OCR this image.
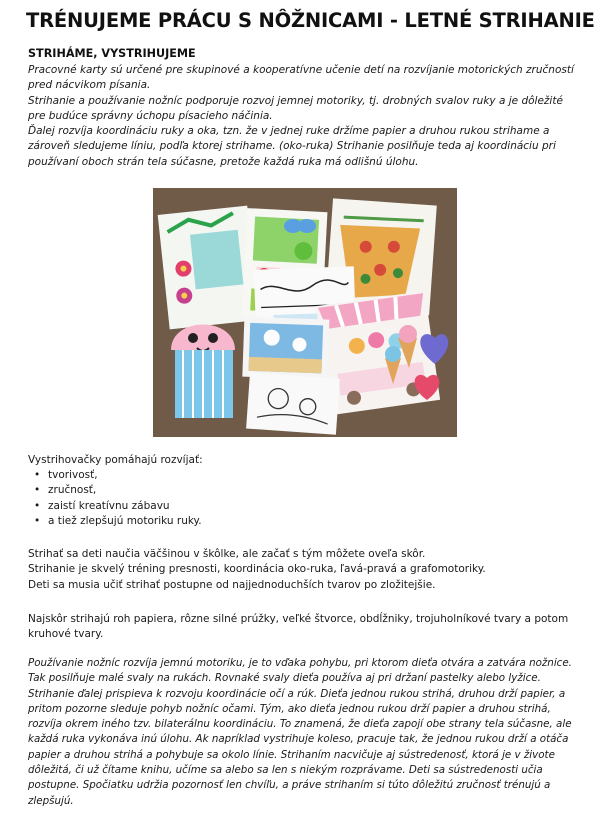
TRÉNUJEME PRÁCU S NÔŽNICAMI - LETNÉ STRIHANIE
STRIHÁME, VYSTRIHUJEME

Pracovné karty sú určené pre skupinové a kooperatívne učenie detí na rozvíjanie motorických zručností pred nácvikom písania.

Strihanie a používanie nožníc podporuje rozvoj jemnej motoriky, tj. drobných svalov ruky a je dôležité pre budúce správny úchopu písacieho náčinia.

Ďalej rozvíja koordináciu ruky a oka, tzn. že v jednej ruke držíme papier a druhou rukou strihame a zároveň sledujeme líniu, podľa ktorej strihame. (oko-ruka) Strihanie posilňuje teda aj koordináciu pri používaní oboch strán tela súčasne, pretože každá ruka má odlišnú úlohu.

Vystrihovačky pomáhajú rozvíjať:

• tvorivosť,
• zručnosť,
• zaistí kreatívnu zábavu
• a tiež zlepšujú motoriku ruky.

Strihať sa deti naučia väčšinou v škôlke, ale začať s tým môžete oveľa skôr.

Strihanie je skvelý tréning presnosti, koordinácia oko-ruka, ľavá-pravá a grafomotoriky.

Deti sa musia učiť strihať postupne od najjednoduchších tvarov po zložitejšie.

Najskôr strihajú roh papiera, rôzne silné prúžky, veľké štvorce, obdĺžniky, trojuholníkové tvary a potom kruhové tvary.

Používanie nožníc rozvíja jemnú motoriku, je to vďaka pohybu, pri ktorom dieťa otvára a zatvára nožnice. Tak posilňuje malé svaly na rukách. Rovnaké svaly dieťa používa aj pri držaní pastelky alebo lyžice. Strihanie ďalej prispieva k rozvoju koordinácie očí a rúk. Dieťa jednou rukou strihá, druhou drží papier, a pritom pozorne sleduje pohyb nožníc očami. Tým, ako dieťa jednou rukou drží papier a druhou strihá, rozvíja okrem iného tzv. bilaterálnu koordináciu. To znamená, že dieťa zapojí obe strany tela súčasne, ale každá ruka vykonáva inú úlohu. Ak napríklad vystrihuje koleso, pracuje tak, že jednou rukou drží a otáča papier a druhou strihá a pohybuje sa okolo línie. Strihaním nacvičuje aj sústredenosť, ktorá je v živote dôležitá, či už čítame knihu, učíme sa alebo sa len s niekým rozprávame. Deti sa sústredenosti učia postupne. Spočiatku udržia pozornosť len chvíľu, a práve strihaním si túto dôležitú zručnosť trénujú a zlepšujú.
